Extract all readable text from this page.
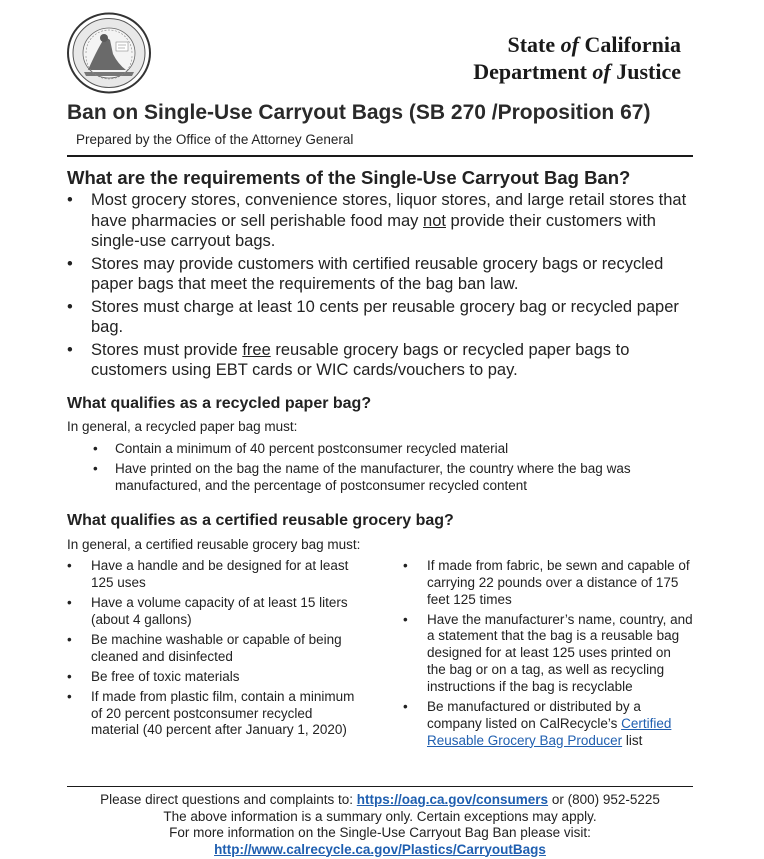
State of California
Department of Justice
Ban on Single-Use Carryout Bags (SB 270 /Proposition 67)
Prepared by the Office of the Attorney General
What are the requirements of the Single-Use Carryout Bag Ban?
• Most grocery stores, convenience stores, liquor stores, and large retail stores that have pharmacies or sell perishable food may not provide their customers with single-use carryout bags.
• Stores may provide customers with certified reusable grocery bags or recycled paper bags that meet the requirements of the bag ban law.
• Stores must charge at least 10 cents per reusable grocery bag or recycled paper bag.
• Stores must provide free reusable grocery bags or recycled paper bags to customers using EBT cards or WIC cards/vouchers to pay.
What qualifies as a recycled paper bag?
In general, a recycled paper bag must:
• Contain a minimum of 40 percent postconsumer recycled material
• Have printed on the bag the name of the manufacturer, the country where the bag was manufactured, and the percentage of postconsumer recycled content
What qualifies as a certified reusable grocery bag?
In general, a certified reusable grocery bag must:
• Have a handle and be designed for at least 125 uses
• Have a volume capacity of at least 15 liters (about 4 gallons)
• Be machine washable or capable of being cleaned and disinfected
• Be free of toxic materials
• If made from plastic film, contain a minimum of 20 percent postconsumer recycled material (40 percent after January 1, 2020)
• If made from fabric, be sewn and capable of carrying 22 pounds over a distance of 175 feet 125 times
• Have the manufacturer’s name, country, and a statement that the bag is a reusable bag designed for at least 125 uses printed on the bag or on a tag, as well as recycling instructions if the bag is recyclable
• Be manufactured or distributed by a company listed on CalRecycle’s Certified Reusable Grocery Bag Producer list
Please direct questions and complaints to: https://oag.ca.gov/consumers or (800) 952-5225
The above information is a summary only. Certain exceptions may apply.
For more information on the Single-Use Carryout Bag Ban please visit:
http://www.calrecycle.ca.gov/Plastics/CarryoutBags
